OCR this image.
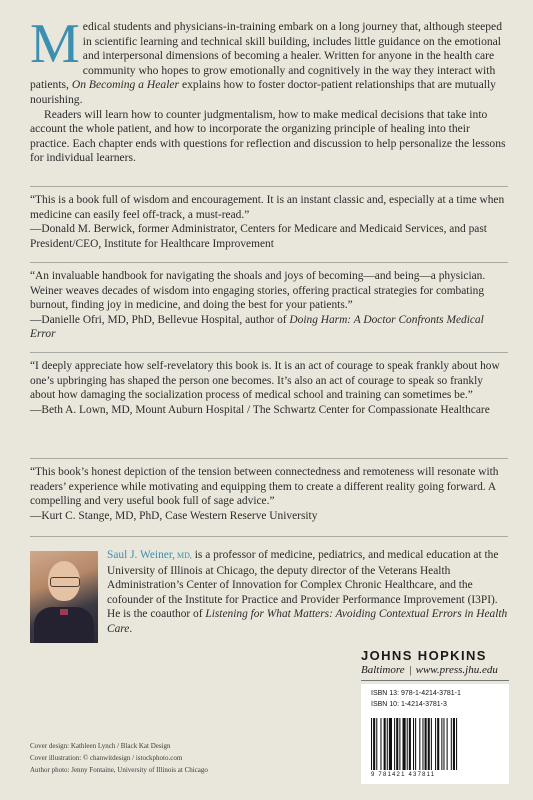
Medical students and physicians-in-training embark on a long journey that, although steeped in scientific learning and technical skill building, includes little guidance on the emotional and interpersonal dimensions of becoming a healer. Written for anyone in the health care community who hopes to grow emotionally and cognitively in the way they interact with patients, On Becoming a Healer explains how to foster doctor-patient relationships that are mutually nourishing.

Readers will learn how to counter judgmentalism, how to make medical decisions that take into account the whole patient, and how to incorporate the organizing principle of healing into their practice. Each chapter ends with questions for reflection and discussion to help personalize the lessons for individual learners.

“This is a book full of wisdom and encouragement. It is an instant classic and, especially at a time when medicine can easily feel off-track, a must-read.”

—Donald M. Berwick, former Administrator, Centers for Medicare and Medicaid Services, and past President/CEO, Institute for Healthcare Improvement

“An invaluable handbook for navigating the shoals and joys of becoming—and being—a physician. Weiner weaves decades of wisdom into engaging stories, offering practical strategies for combating burnout, finding joy in medicine, and doing the best for your patients.”

—Danielle Ofri, MD, PhD, Bellevue Hospital, author of Doing Harm: A Doctor Confronts Medical Error

“I deeply appreciate how self-revelatory this book is. It is an act of courage to speak frankly about how one’s upbringing has shaped the person one becomes. It’s also an act of courage to speak so frankly about how damaging the socialization process of medical school and training can sometimes be.”

—Beth A. Lown, MD, Mount Auburn Hospital / The Schwartz Center for Compassionate Healthcare

“This book’s honest depiction of the tension between connectedness and remoteness will resonate with readers’ experience while motivating and equipping them to create a different reality going forward. A compelling and very useful book full of sage advice.”

—Kurt C. Stange, MD, PhD, Case Western Reserve University

Saul J. Weiner, MD, is a professor of medicine, pediatrics, and medical education at the University of Illinois at Chicago, the deputy director of the Veterans Health Administration’s Center of Innovation for Complex Chronic Healthcare, and the cofounder of the Institute for Practice and Provider Performance Improvement (I3PI). He is the coauthor of Listening for What Matters: Avoiding Contextual Errors in Health Care.
JOHNS HOPKINS
Baltimore | www.press.jhu.edu
ISBN 13: 978-1-4214-3781-1
ISBN 10: 1-4214-3781-3
9 781421 437811
Cover design: Kathleen Lynch / Black Kat Design
Cover illustration: © chanwitdesign / istockphoto.com
Author photo: Jenny Fontaine, University of Illinois at Chicago
